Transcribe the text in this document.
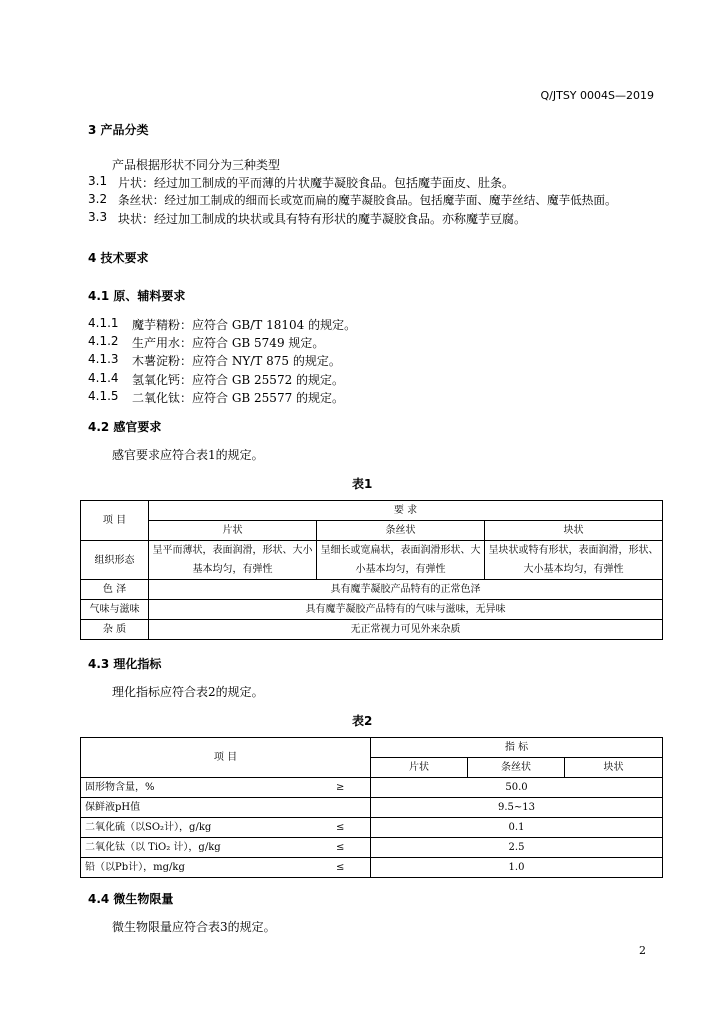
Q/JTSY 0004S—2019
3 产品分类
产品根据形状不同分为三种类型
3.1 片状：经过加工制成的平而薄的片状魔芋凝胶食品。包括魔芋面皮、肚条。
3.2 条丝状：经过加工制成的细而长或宽而扁的魔芋凝胶食品。包括魔芋面、魔芋丝结、魔芋低热面。
3.3 块状：经过加工制成的块状或具有特有形状的魔芋凝胶食品。亦称魔芋豆腐。
4 技术要求
4.1 原、辅料要求
4.1.1 魔芋精粉：应符合 GB/T 18104 的规定。
4.1.2 生产用水：应符合 GB 5749 规定。
4.1.3 木薯淀粉：应符合 NY/T 875 的规定。
4.1.4 氢氧化钙：应符合 GB 25572 的规定。
4.1.5 二氧化钛：应符合 GB 25577 的规定。
4.2 感官要求
感官要求应符合表1的规定。
表1
项 目	要 求		
	片状	条丝状	块状
组织形态	呈平而薄状，表面润滑，形状、大小基本均匀，有弹性	呈细长或宽扁状，表面润滑形状、大小基本均匀，有弹性	呈块状或特有形状，表面润滑，形状、大小基本均匀，有弹性
色 泽	具有魔芋凝胶产品特有的正常色泽		
气味与滋味	具有魔芋凝胶产品特有的气味与滋味，无异味		
杂 质	无正常视力可见外来杂质		
4.3 理化指标
理化指标应符合表2的规定。
表2
项 目		指 标		
		片状	条丝状	块状
固形物含量，%	≥	50.0		
保鲜液pH值		9.5~13		
二氧化硫（以SO₂计），g/kg	≤	0.1		
二氧化钛（以 TiO₂ 计），g/kg	≤	2.5		
铅（以Pb计），mg/kg	≤	1.0		
4.4 微生物限量
微生物限量应符合表3的规定。
2
